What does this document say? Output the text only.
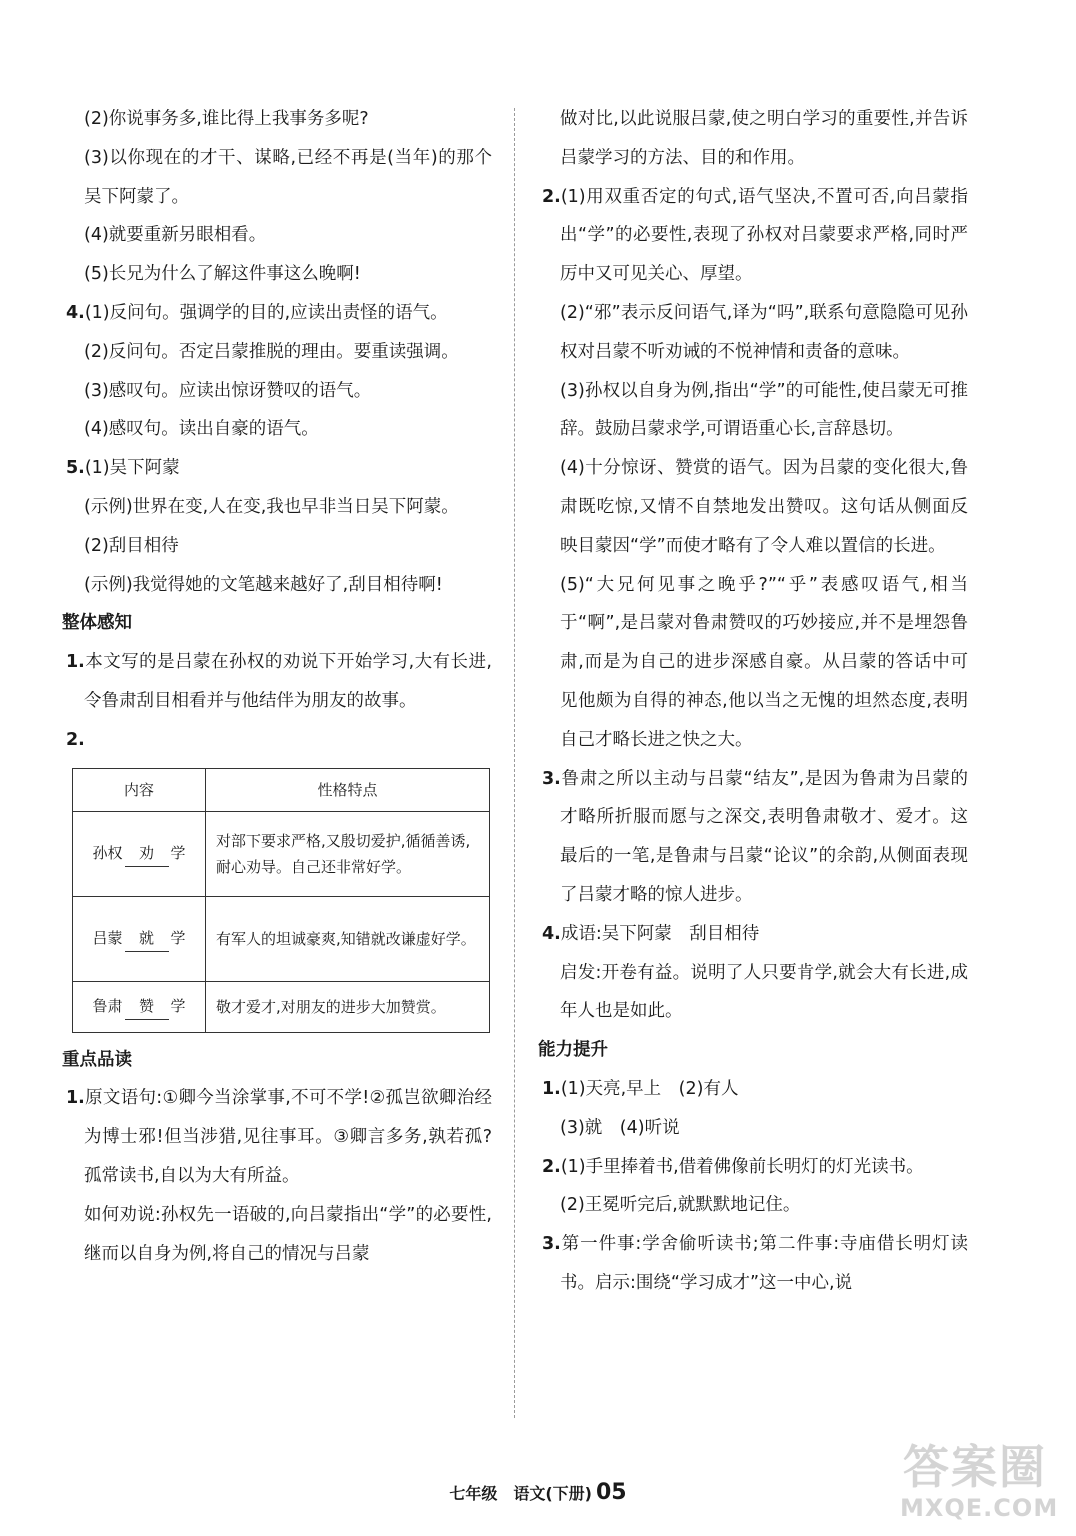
(2)你说事务多,谁比得上我事务多呢?

(3)以你现在的才干、谋略,已经不再是(当年)的那个吴下阿蒙了。

(4)就要重新另眼相看。

(5)长兄为什么了解这件事这么晚啊!

4.(1)反问句。强调学的目的,应读出责怪的语气。

(2)反问句。否定吕蒙推脱的理由。要重读强调。

(3)感叹句。应读出惊讶赞叹的语气。

(4)感叹句。读出自豪的语气。

5.(1)吴下阿蒙

(示例)世界在变,人在变,我也早非当日吴下阿蒙。

(2)刮目相待

(示例)我觉得她的文笔越来越好了,刮目相待啊!

整体感知

1.本文写的是吕蒙在孙权的劝说下开始学习,大有长进,令鲁肃刮目相看并与他结伴为朋友的故事。

2.

内容	性格特点
孙权 劝 学	对部下要求严格,又殷切爱护,循循善诱,耐心劝导。自己还非常好学。
吕蒙 就 学	有军人的坦诚豪爽,知错就改谦虚好学。
鲁肃 赞 学	敬才爱才,对朋友的进步大加赞赏。

重点品读

1.原文语句:①卿今当涂掌事,不可不学!②孤岂欲卿治经为博士邪!但当涉猎,见往事耳。③卿言多务,孰若孤?孤常读书,自以为大有所益。

如何劝说:孙权先一语破的,向吕蒙指出“学”的必要性,继而以自身为例,将自己的情况与吕蒙

做对比,以此说服吕蒙,使之明白学习的重要性,并告诉吕蒙学习的方法、目的和作用。

2.(1)用双重否定的句式,语气坚决,不置可否,向吕蒙指出“学”的必要性,表现了孙权对吕蒙要求严格,同时严厉中又可见关心、厚望。

(2)“邪”表示反问语气,译为“吗”,联系句意隐隐可见孙权对吕蒙不听劝诫的不悦神情和责备的意味。

(3)孙权以自身为例,指出“学”的可能性,使吕蒙无可推辞。鼓励吕蒙求学,可谓语重心长,言辞恳切。

(4)十分惊讶、赞赏的语气。因为吕蒙的变化很大,鲁肃既吃惊,又情不自禁地发出赞叹。这句话从侧面反映目蒙因“学”而使才略有了令人难以置信的长进。

(5)“大兄何见事之晚乎?”“乎”表感叹语气,相当于“啊”,是吕蒙对鲁肃赞叹的巧妙接应,并不是埋怨鲁肃,而是为自己的进步深感自豪。从吕蒙的答话中可见他颇为自得的神态,他以当之无愧的坦然态度,表明自己才略长进之快之大。

3.鲁肃之所以主动与吕蒙“结友”,是因为鲁肃为吕蒙的才略所折服而愿与之深交,表明鲁肃敬才、爱才。这最后的一笔,是鲁肃与吕蒙“论议”的余韵,从侧面表现了吕蒙才略的惊人进步。

4.成语:吴下阿蒙　刮目相待

启发:开卷有益。说明了人只要肯学,就会大有长进,成年人也是如此。

能力提升

1.(1)天亮,早上　(2)有人

(3)就　(4)听说

2.(1)手里捧着书,借着佛像前长明灯的灯光读书。

(2)王冕听完后,就默默地记住。

3.第一件事:学舍偷听读书;第二件事:寺庙借长明灯读书。启示:围绕“学习成才”这一中心,说

七年级　语文(下册) 05	答案圈
MXQE.COM
